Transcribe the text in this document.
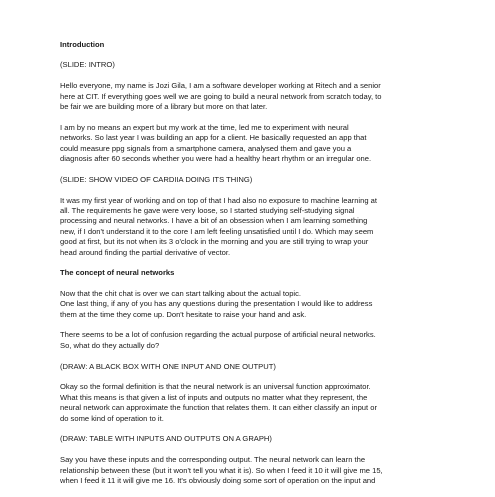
Introduction
(SLIDE: INTRO)
Hello everyone, my name is Jozi Gila, I am a software developer working at Ritech and a senior
here at CIT. If everything goes well we are going to build a neural network from scratch today, to
be fair we are building more of a library but more on that later.
I am by no means an expert but my work at the time, led me to experiment with neural
networks. So last year I was building an app for a client. He basically requested an app that
could measure ppg signals from a smartphone camera, analysed them and gave you a
diagnosis after 60 seconds whether you were had a healthy heart rhythm or an irregular one.
(SLIDE: SHOW VIDEO OF CARDIIA DOING ITS THING)
It was my first year of working and on top of that I had also no exposure to machine learning at
all. The requirements he gave were very loose, so I started studying self-studying signal
processing and neural networks. I have a bit of an obsession when I am learning something
new, if I don't understand it to the core I am left feeling unsatisfied until I do. Which may seem
good at first, but its not when its 3 o'clock in the morning and you are still trying to wrap your
head around finding the partial derivative of vector.
The concept of neural networks
Now that the chit chat is over we can start talking about the actual topic.
One last thing, if any of you has any questions during the presentation I would like to address
them at the time they come up. Don't hesitate to raise your hand and ask.
There seems to be a lot of confusion regarding the actual purpose of artificial neural networks.
So, what do they actually do?
(DRAW: A BLACK BOX WITH ONE INPUT AND ONE OUTPUT)
Okay so the formal definition is that the neural network is an universal function approximator.
What this means is that given a list of inputs and outputs no matter what they represent, the
neural network can approximate the function that relates them. It can either classify an input or
do some kind of operation to it.
(DRAW: TABLE WITH INPUTS AND OUTPUTS ON A GRAPH)
Say you have these inputs and the corresponding output. The neural network can learn the
relationship between these (but it won't tell you what it is). So when I feed it 10 it will give me 15,
when I feed it 11 it will give me 16. It's obviously doing some sort of operation on the input and
